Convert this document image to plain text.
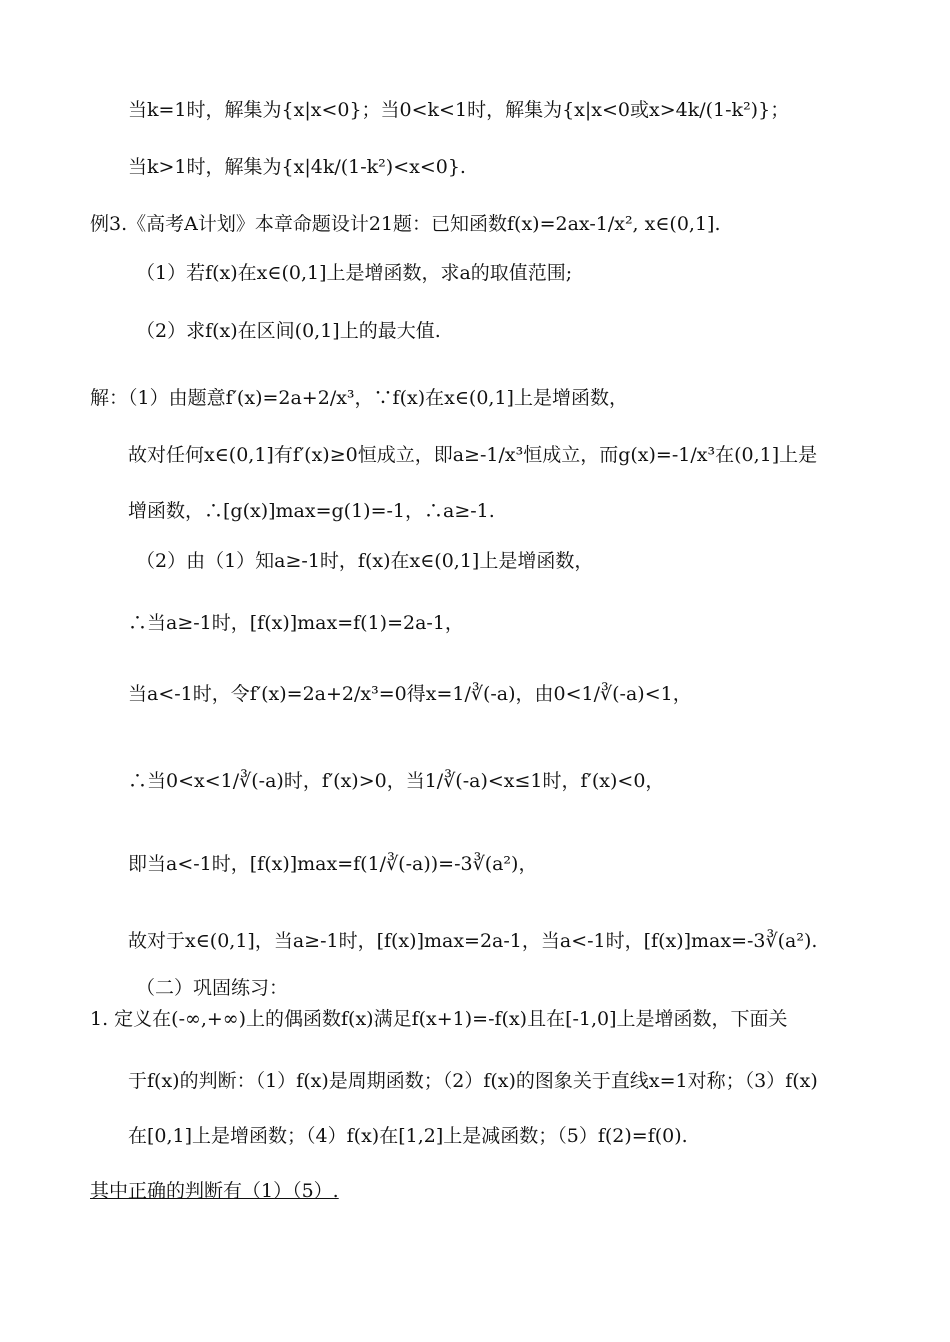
当k=1时，解集为{x|x<0}；当0<k<1时，解集为{x|x<0或x>4k/(1-k²)}；
当k>1时，解集为{x|4k/(1-k²)<x<0}.
例3.《高考A计划》本章命题设计21题：已知函数f(x)=2ax-1/x², x∈(0,1].
（1）若f(x)在x∈(0,1]上是增函数，求a的取值范围;
（2）求f(x)在区间(0,1]上的最大值.
解：（1）由题意f′(x)=2a+2/x³，∵f(x)在x∈(0,1]上是增函数，
故对任何x∈(0,1]有f′(x)≥0恒成立，即a≥-1/x³恒成立，而g(x)=-1/x³在(0,1]上是
增函数，∴[g(x)]max=g(1)=-1，∴a≥-1.
（2）由（1）知a≥-1时，f(x)在x∈(0,1]上是增函数，
∴当a≥-1时，[f(x)]max=f(1)=2a-1，
当a<-1时，令f′(x)=2a+2/x³=0得x=1/∛(-a)，由0<1/∛(-a)<1，
∴当0<x<1/∛(-a)时，f′(x)>0，当1/∛(-a)<x≤1时，f′(x)<0，
即当a<-1时，[f(x)]max=f(1/∛(-a))=-3∛(a²)，
故对于x∈(0,1]，当a≥-1时，[f(x)]max=2a-1，当a<-1时，[f(x)]max=-3∛(a²).
（二）巩固练习：
1. 定义在(-∞,+∞)上的偶函数f(x)满足f(x+1)=-f(x)且在[-1,0]上是增函数，下面关
于f(x)的判断：（1）f(x)是周期函数；（2）f(x)的图象关于直线x=1对称；（3）f(x)
在[0,1]上是增函数；（4）f(x)在[1,2]上是减函数；（5）f(2)=f(0).
其中正确的判断有（1）（5）.
